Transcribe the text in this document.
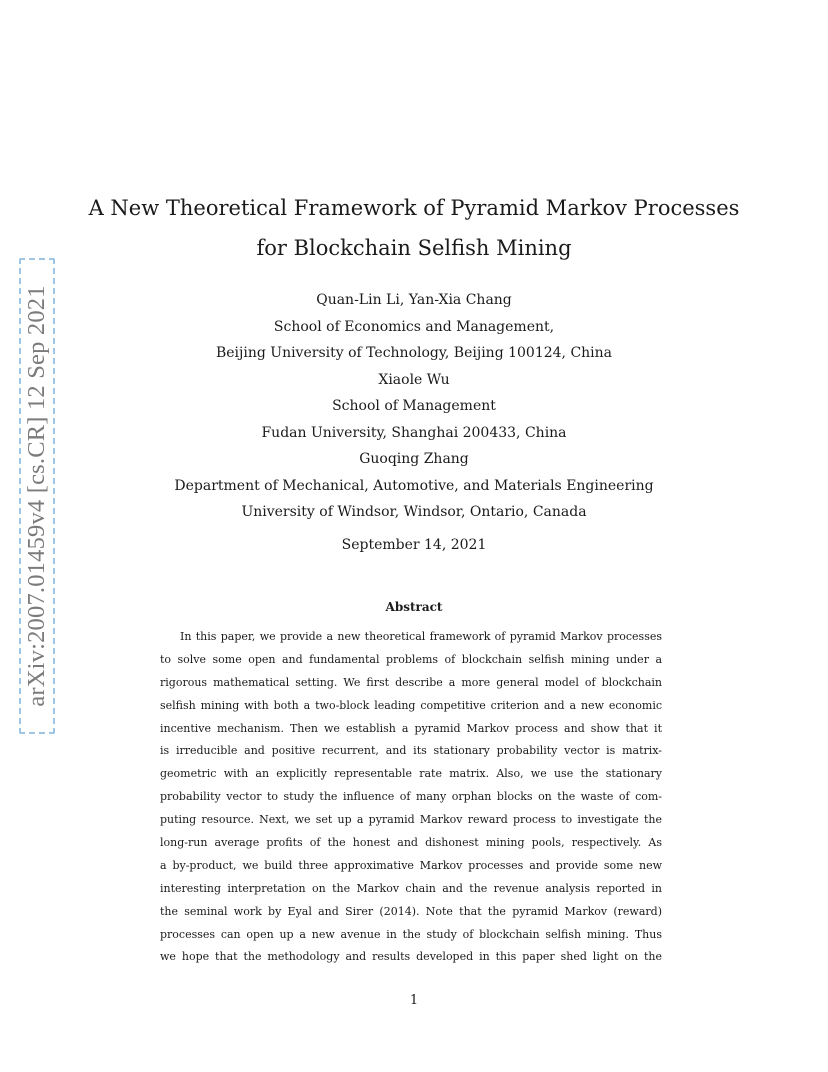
arXiv:2007.01459v4 [cs.CR] 12 Sep 2021
A New Theoretical Framework of Pyramid Markov Processes
for Blockchain Selfish Mining
Quan-Lin Li, Yan-Xia Chang
School of Economics and Management,
Beijing University of Technology, Beijing 100124, China
Xiaole Wu
School of Management
Fudan University, Shanghai 200433, China
Guoqing Zhang
Department of Mechanical, Automotive, and Materials Engineering
University of Windsor, Windsor, Ontario, Canada
September 14, 2021
Abstract
In this paper, we provide a new theoretical framework of pyramid Markov processes
to solve some open and fundamental problems of blockchain selfish mining under a
rigorous mathematical setting. We first describe a more general model of blockchain
selfish mining with both a two-block leading competitive criterion and a new economic
incentive mechanism. Then we establish a pyramid Markov process and show that it
is irreducible and positive recurrent, and its stationary probability vector is matrix-
geometric with an explicitly representable rate matrix. Also, we use the stationary
probability vector to study the influence of many orphan blocks on the waste of com-
puting resource. Next, we set up a pyramid Markov reward process to investigate the
long-run average profits of the honest and dishonest mining pools, respectively. As
a by-product, we build three approximative Markov processes and provide some new
interesting interpretation on the Markov chain and the revenue analysis reported in
the seminal work by Eyal and Sirer (2014). Note that the pyramid Markov (reward)
processes can open up a new avenue in the study of blockchain selfish mining. Thus
we hope that the methodology and results developed in this paper shed light on the
1
